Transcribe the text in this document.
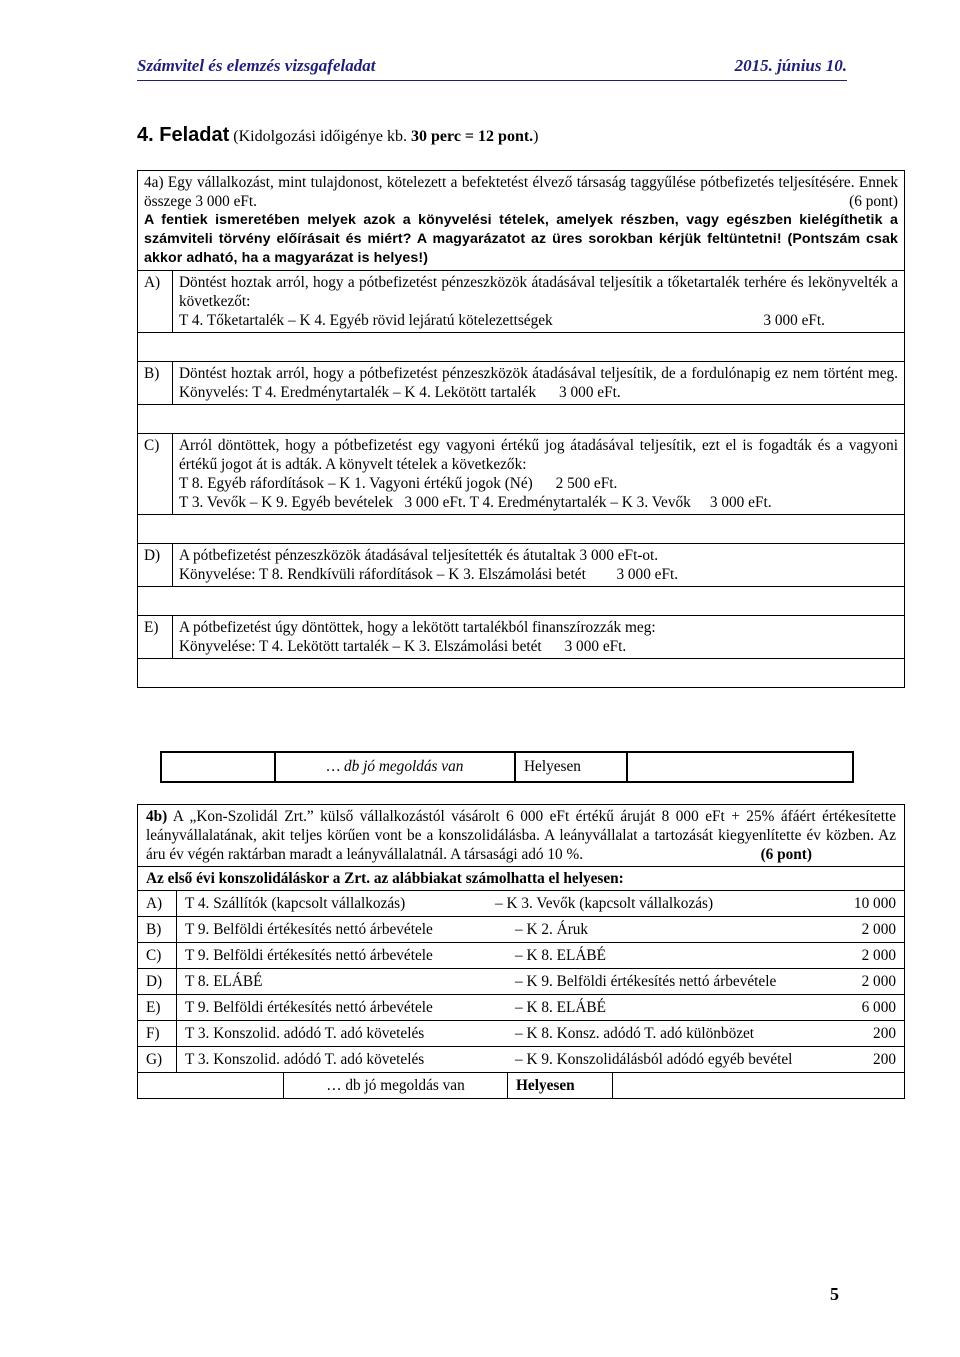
Számvitel és elemzés vizsgafeladat	2015. június 10.
4. Feladat (Kidolgozási időigénye kb. 30 perc = 12 pont.)
4a) Egy vállalkozást, mint tulajdonost, kötelezett a befektetést élvező társaság taggyűlése pótbefizetés teljesítésére. Ennek összege 3 000 eFt. (6 pont)
A fentiek ismeretében melyek azok a könyvelési tételek, amelyek részben, vagy egészben kielégíthetik a számviteli törvény előírásait és miért? A magyarázatot az üres sorokban kérjük feltüntetni! (Pontszám csak akkor adható, ha a magyarázat is helyes!)	

A)	Döntést hoztak arról, hogy a pótbefizetést pénzeszközök átadásával teljesítik a tőketartalék terhére és lekönyvelték a következőt:
T 4. Tőketartalék – K 4. Egyéb rövid lejáratú kötelezettségek 3 000 eFt.

B)	Döntést hoztak arról, hogy a pótbefizetést pénzeszközök átadásával teljesítik, de a fordulónapig ez nem történt meg. Könyvelés: T 4. Eredménytartalék – K 4. Lekötött tartalék      3 000 eFt.

C)	Arról döntöttek, hogy a pótbefizetést egy vagyoni értékű jog átadásával teljesítik, ezt el is fogadták és a vagyoni értékű jogot át is adták. A könyvelt tételek a következők:
T 8. Egyéb ráfordítások – K 1. Vagyoni értékű jogok (Né)      2 500 eFt.
T 3. Vevők – K 9. Egyéb bevételek   3 000 eFt. T 4. Eredménytartalék – K 3. Vevők     3 000 eFt.

D)	A pótbefizetést pénzeszközök átadásával teljesítették és átutaltak 3 000 eFt-ot.
Könyvelése: T 8. Rendkívüli ráfordítások – K 3. Elszámolási betét        3 000 eFt.

E)	A pótbefizetést úgy döntöttek, hogy a lekötött tartalékból finanszírozzák meg:
Könyvelése: T 4. Lekötött tartalék – K 3. Elszámolási betét      3 000 eFt.

	… db jó megoldás van	Helyesen	
4b) A „Kon-Szolidál Zrt.” külső vállalkozástól vásárolt 6 000 eFt értékű áruját 8 000 eFt + 25% áfáért értékesítette leányvállalatának, akit teljes körűen vont be a konszolidálásba. A leányvállalat a tartozását kiegyenlítette év közben. Az áru év végén raktárban maradt a leányvállalatnál. A társasági adó 10 %. (6 pont)	

Az első évi konszolidáláskor a Zrt. az alábbiakat számolhatta el helyesen:	
A)	T 4. Szállítók (kapcsolt vállalkozás) – K 3. Vevők (kapcsolt vállalkozás) 10 000

B)	T 9. Belföldi értékesítés nettó árbevétele – K 2. Áruk 2 000

C)	T 9. Belföldi értékesítés nettó árbevétele – K 8. ELÁBÉ 2 000

D)	T 8. ELÁBÉ – K 9. Belföldi értékesítés nettó árbevétele 2 000

E)	T 9. Belföldi értékesítés nettó árbevétele – K 8. ELÁBÉ 6 000

F)	T 3. Konszolid. adódó T. adó követelés – K 8. Konsz. adódó T. adó különbözet 200

G)	T 3. Konszolid. adódó T. adó követelés – K 9. Konszolidálásból adódó egyéb bevétel 200

… db jó megoldás van Helyesen	
5
